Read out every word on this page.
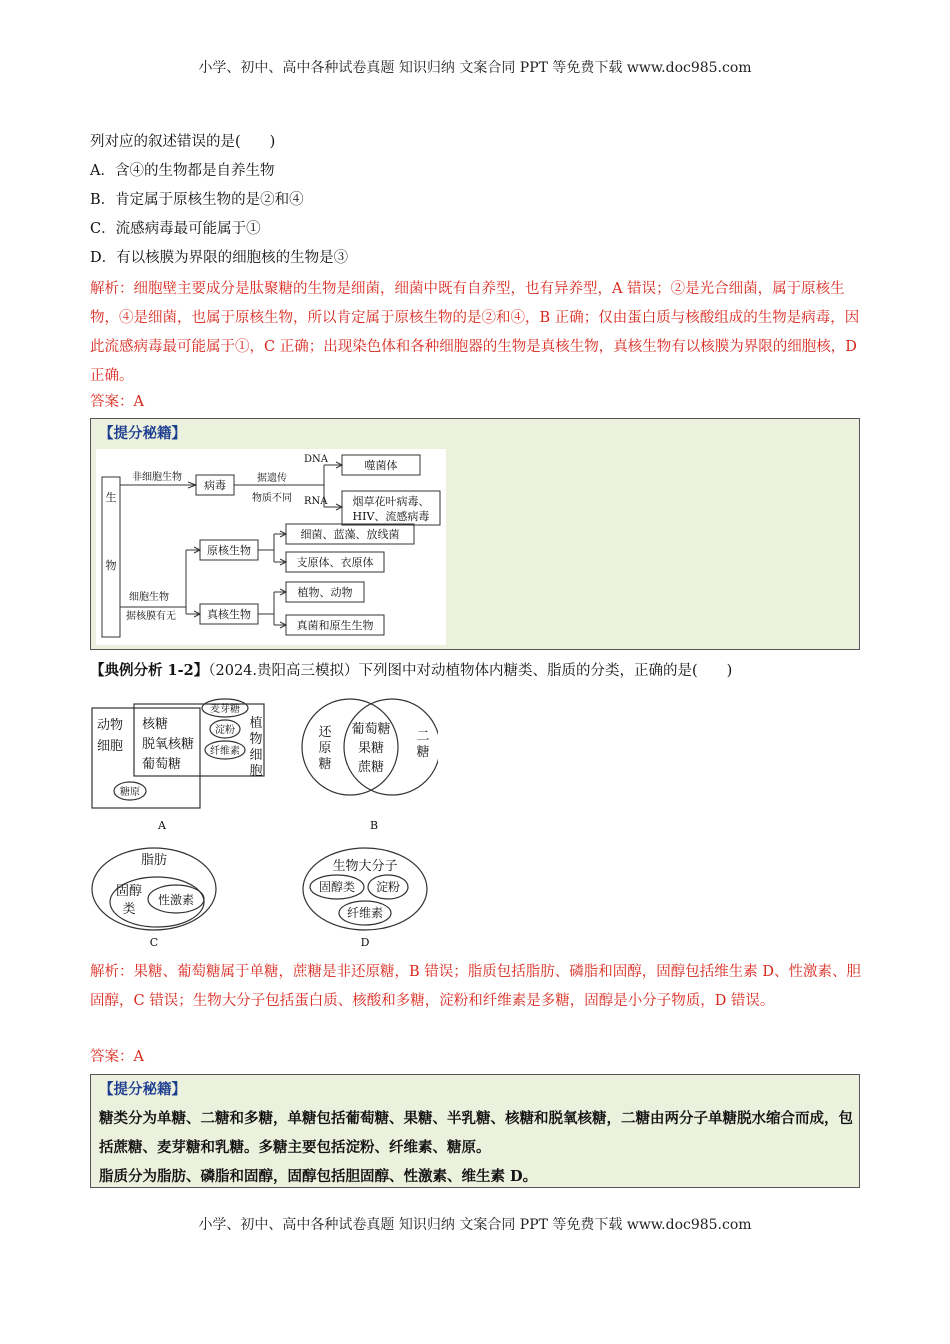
小学、初中、高中各种试卷真题 知识归纳 文案合同 PPT 等免费下载 www.doc985.com
列对应的叙述错误的是(　　)
A．含④的生物都是自养生物
B．肯定属于原核生物的是②和④
C．流感病毒最可能属于①
D．有以核膜为界限的细胞核的生物是③
解析：细胞壁主要成分是肽聚糖的生物是细菌，细菌中既有自养型，也有异养型，A 错误；②是光合细菌，属于原核生物，④是细菌，也属于原核生物，所以肯定属于原核生物的是②和④，B 正确；仅由蛋白质与核酸组成的生物是病毒，因此流感病毒最可能属于①，C 正确；出现染色体和各种细胞器的生物是真核生物，真核生物有以核膜为界限的细胞核，D 正确。
答案：A
【提分秘籍】
生
物
非细胞生物
病毒
据遗传
物质不同
DNA
RNA
噬菌体
烟草花叶病毒、
HIV、流感病毒
细胞生物
据核膜有无
原核生物
细菌、蓝藻、放线菌
支原体、衣原体
真核生物
植物、动物
真菌和原生生物
【典例分析 1-2】（2024.贵阳高三模拟）下列图中对动植物体内糖类、脂质的分类，正确的是(　　)
动物
细胞
植
物
细
胞
核糖
脱氧核糖
葡萄糖
麦芽糖
淀粉
纤维素
糖原
A
还
原
糖
二
糖
葡萄糖
果糖
蔗糖
B
脂肪
固醇
类
性激素
C
生物大分子
固醇类 淀粉
纤维素
D
解析：果糖、葡萄糖属于单糖，蔗糖是非还原糖，B 错误；脂质包括脂肪、磷脂和固醇，固醇包括维生素 D、性激素、胆固醇，C 错误；生物大分子包括蛋白质、核酸和多糖，淀粉和纤维素是多糖，固醇是小分子物质，D 错误。
答案：A
【提分秘籍】
糖类分为单糖、二糖和多糖，单糖包括葡萄糖、果糖、半乳糖、核糖和脱氧核糖，二糖由两分子单糖脱水缩合而成，包括蔗糖、麦芽糖和乳糖。多糖主要包括淀粉、纤维素、糖原。
脂质分为脂肪、磷脂和固醇，固醇包括胆固醇、性激素、维生素 D。
小学、初中、高中各种试卷真题 知识归纳 文案合同 PPT 等免费下载 www.doc985.com
